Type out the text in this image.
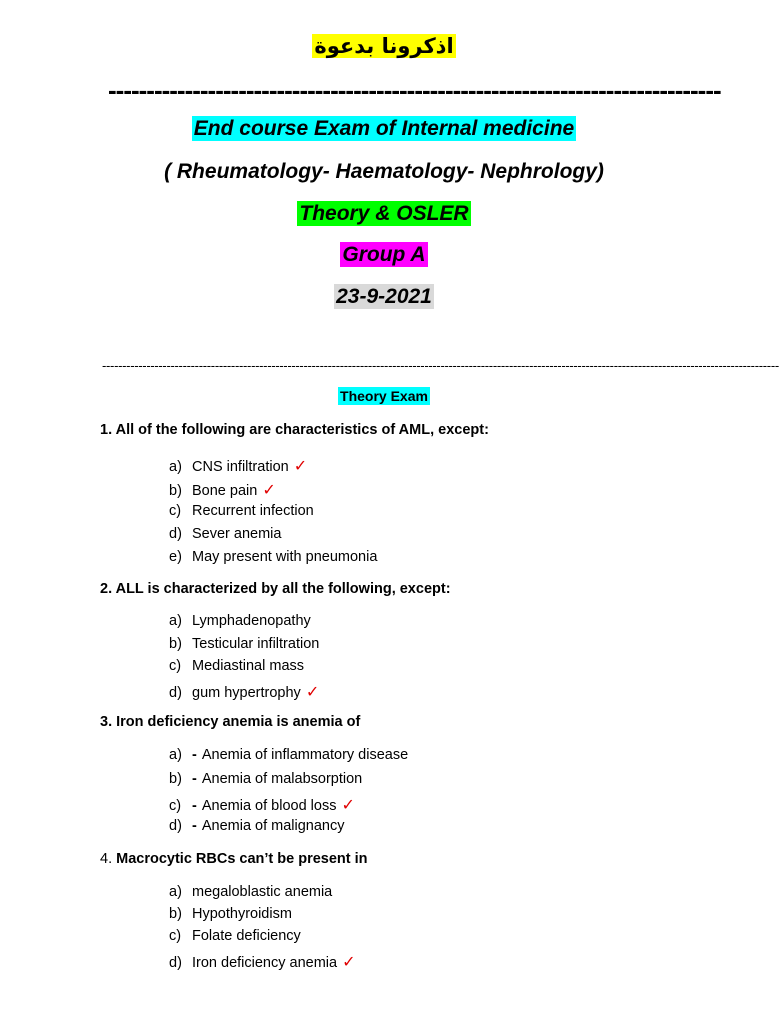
اذكرونا بدعوة
--------------------------------------------------------------------------------
End course Exam of Internal medicine
( Rheumatology- Haematology- Nephrology)
Theory & OSLER
Group A
23-9-2021
------------------------------------------------------------------------------------------------------------------------------------------------------------------------
Theory Exam
1. All of the following are characteristics of AML, except:
a) CNS infiltration ✓
b) Bone pain ✓
c) Recurrent infection
d) Sever anemia
e) May present with pneumonia
2. ALL is characterized by all the following, except:
a) Lymphadenopathy
b) Testicular infiltration
c) Mediastinal mass
d) gum hypertrophy ✓
3. Iron deficiency anemia is anemia of
a) - Anemia of inflammatory disease
b) - Anemia of malabsorption
c) - Anemia of blood loss ✓
d) - Anemia of malignancy
4. Macrocytic RBCs can’t be present in
a) megaloblastic anemia
b) Hypothyroidism
c) Folate deficiency
d) Iron deficiency anemia ✓
